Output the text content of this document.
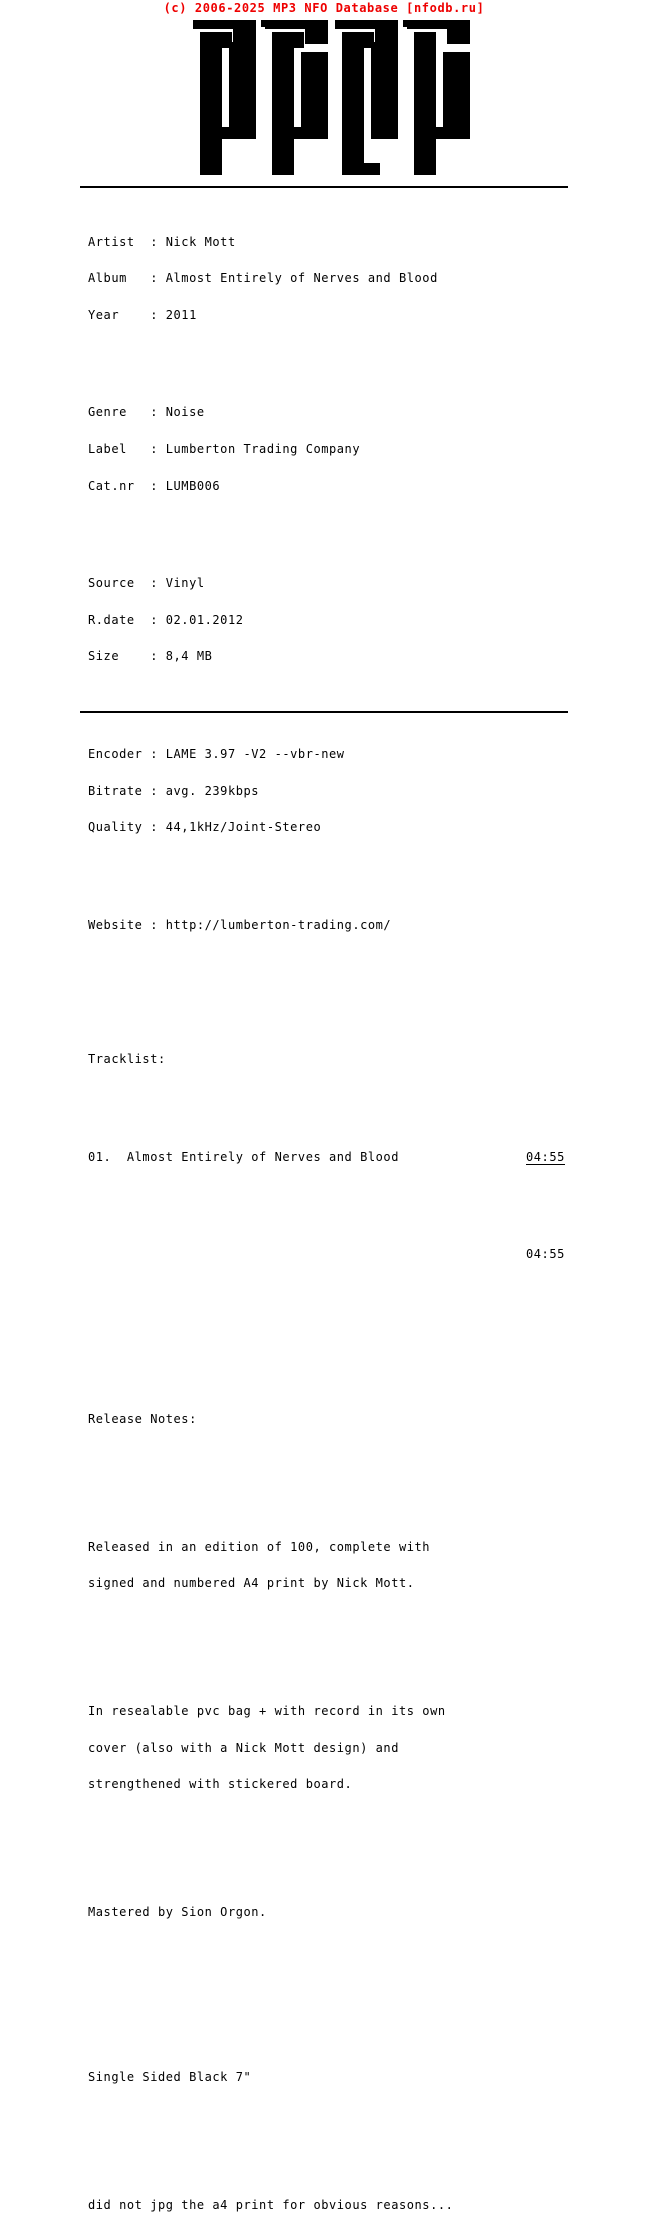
(c) 2006-2025 MP3 NFO Database [nfodb.ru]

Artist  : Nick Mott

Album   : Almost Entirely of Nerves and Blood

Year    : 2011

Genre   : Noise

Label   : Lumberton Trading Company

Cat.nr  : LUMB006

Source  : Vinyl

R.date  : 02.01.2012

Size    : 8,4 MB

Encoder : LAME 3.97 -V2 --vbr-new

Bitrate : avg. 239kbps

Quality : 44,1kHz/Joint-Stereo

Website : http://lumberton-trading.com/

Tracklist:

01.  Almost Entirely of Nerves and Blood	04:55

04:55

Release Notes:

Released in an edition of 100, complete with

signed and numbered A4 print by Nick Mott.

In resealable pvc bag + with record in its own

cover (also with a Nick Mott design) and

strengthened with stickered board.

Mastered by Sion Orgon.

Single Sided Black 7"

did not jpg the a4 print for obvious reasons...
